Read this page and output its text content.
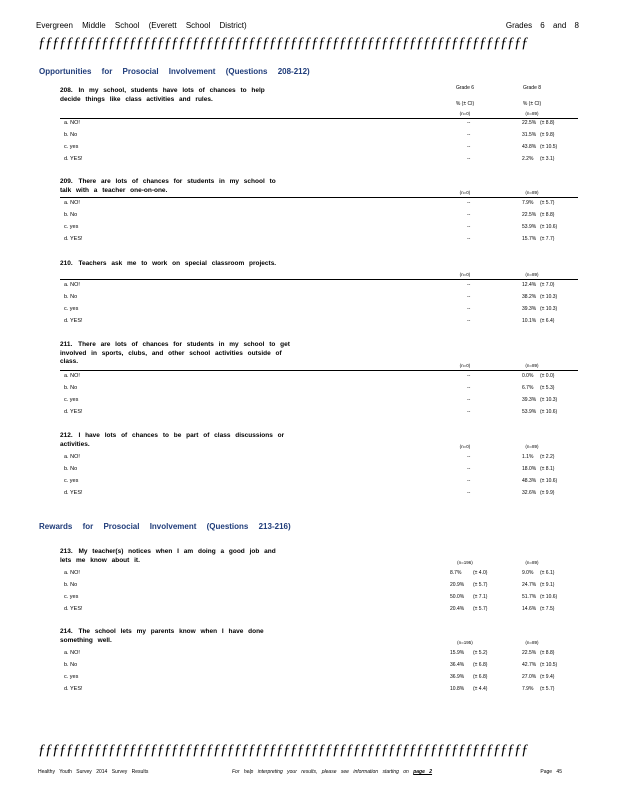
Evergreen Middle School (Everett School District)	Grades 6 and 8
ƒƒƒƒƒƒƒƒƒƒƒƒƒƒƒƒƒƒƒƒƒƒƒƒƒƒƒƒƒƒƒƒƒƒƒƒƒƒƒƒƒƒƒƒƒƒƒƒƒƒƒƒƒƒƒƒƒƒƒƒƒƒƒƒƒƒƒƒƒƒ
Opportunities for Prosocial Involvement (Questions 208-212)
Grade 6	Grade 8
% (± CI)	% (± CI)
208. In my school, students have lots of chances to help decide things like class activities and rules.
(n=0)	(n=89)
a. NO!	--	22.5% (± 8.8)
b. No	--	31.5% (± 9.8)
c. yes	--	43.8% (± 10.5)
d. YES!	--	2.2% (± 3.1)
209. There are lots of chances for students in my school to talk with a teacher one-on-one.	(n=0)	(n=89)
a. NO!	--	7.9% (± 5.7)
b. No	--	22.5% (± 8.8)
c. yes	--	53.9% (± 10.6)
d. YES!	--	15.7% (± 7.7)
210. Teachers ask me to work on special classroom projects.
(n=0)	(n=89)
a. NO!	--	12.4% (± 7.0)
b. No	--	38.2% (± 10.3)
c. yes	--	39.3% (± 10.3)
d. YES!	--	10.1% (± 6.4)
211. There are lots of chances for students in my school to get involved in sports, clubs, and other school activities outside of class.
(n=0)	(n=89)
a. NO!	--	0.0% (± 0.0)
b. No	--	6.7% (± 5.3)
c. yes	--	39.3% (± 10.3)
d. YES!	--	53.9% (± 10.6)
212. I have lots of chances to be part of class discussions or activities.	(n=0)	(n=89)
a. NO!	--	1.1% (± 2.2)
b. No	--	18.0% (± 8.1)
c. yes	--	48.3% (± 10.6)
d. YES!	--	32.6% (± 9.9)
Rewards for Prosocial Involvement (Questions 213-216)
213. My teacher(s) notices when I am doing a good job and lets me know about it.	(n=196)	(n=89)
a. NO!	8.7% (± 4.0)	9.0% (± 6.1)
b. No	20.9% (± 5.7)	24.7% (± 9.1)
c. yes	50.0% (± 7.1)	51.7% (± 10.6)
d. YES!	20.4% (± 5.7)	14.6% (± 7.5)
214. The school lets my parents know when I have done something well.	(n=195)	(n=89)
a. NO!	15.9% (± 5.2)	22.5% (± 8.8)
b. No	36.4% (± 6.8)	42.7% (± 10.5)
c. yes	36.9% (± 6.8)	27.0% (± 9.4)
d. YES!	10.8% (± 4.4)	7.9% (± 5.7)
ƒƒƒƒƒƒƒƒƒƒƒƒƒƒƒƒƒƒƒƒƒƒƒƒƒƒƒƒƒƒƒƒƒƒƒƒƒƒƒƒƒƒƒƒƒƒƒƒƒƒƒƒƒƒƒƒƒƒƒƒƒƒƒƒƒƒƒƒƒƒ
Healthy Youth Survey 2014 Survey Results	For help interpreting your results, please see information starting on page 2	Page 45
